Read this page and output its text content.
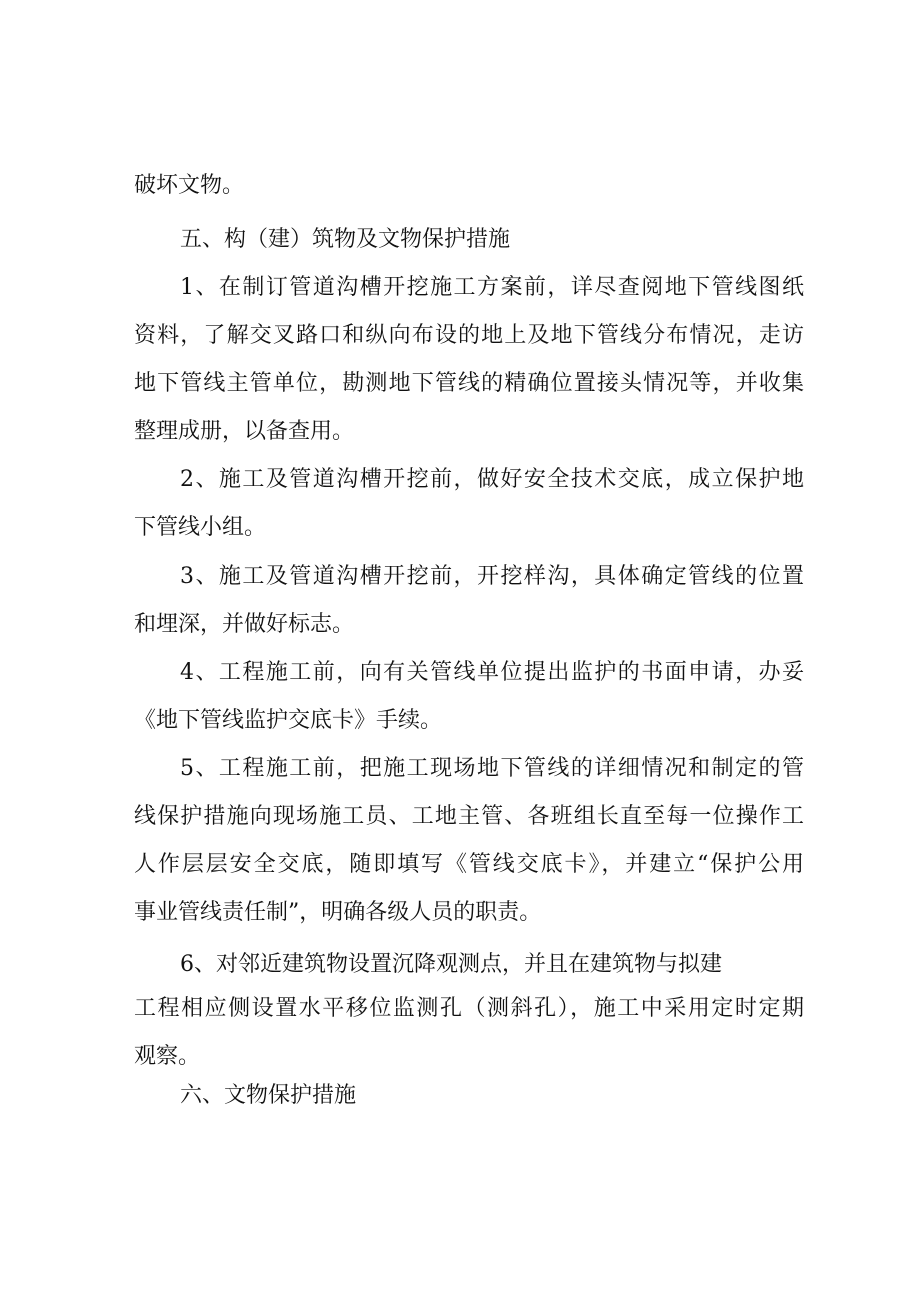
破坏文物。
五、构（建）筑物及文物保护措施
1、在制订管道沟槽开挖施工方案前，详尽查阅地下管线图纸
资料，了解交叉路口和纵向布设的地上及地下管线分布情况，走访
地下管线主管单位，勘测地下管线的精确位置接头情况等，并收集
整理成册，以备查用。
2、施工及管道沟槽开挖前，做好安全技术交底，成立保护地
下管线小组。
3、施工及管道沟槽开挖前，开挖样沟，具体确定管线的位置
和埋深，并做好标志。
4、工程施工前，向有关管线单位提出监护的书面申请，办妥
《地下管线监护交底卡》手续。
5、工程施工前，把施工现场地下管线的详细情况和制定的管
线保护措施向现场施工员、工地主管、各班组长直至每一位操作工
人作层层安全交底，随即填写《管线交底卡》，并建立“保护公用
事业管线责任制”，明确各级人员的职责。
6、对邻近建筑物设置沉降观测点，并且在建筑物与拟建
工程相应侧设置水平移位监测孔（测斜孔），施工中采用定时定期
观察。
六、文物保护措施
